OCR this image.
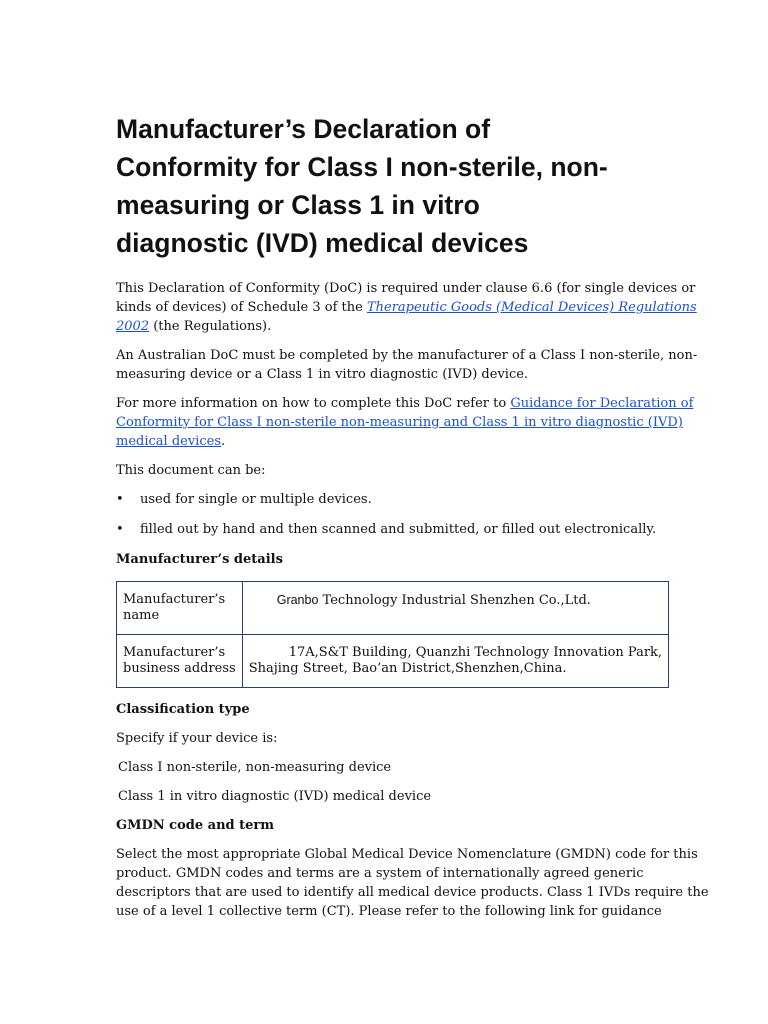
Manufacturer’s Declaration of
Conformity for Class I non-sterile, non-
measuring or Class 1 in vitro
diagnostic (IVD) medical devices

This Declaration of Conformity (DoC) is required under clause 6.6 (for single devices or
kinds of devices) of Schedule 3 of the Therapeutic Goods (Medical Devices) Regulations
2002 (the Regulations).

An Australian DoC must be completed by the manufacturer of a Class I non-sterile, non-
measuring device or a Class 1 in vitro diagnostic (IVD) device.

For more information on how to complete this DoC refer to Guidance for Declaration of
Conformity for Class I non-sterile non-measuring and Class 1 in vitro diagnostic (IVD)
medical devices.

This document can be:

• used for single or multiple devices.
• filled out by hand and then scanned and submitted, or filled out electronically.
Manufacturer’s details
Manufacturer’s
name	Granbo Technology Industrial Shenzhen Co.,Ltd.

Manufacturer’s
business address	17A,S&T Building, Quanzhi Technology Innovation Park,
Shajing Street, Bao’an District,Shenzhen,China.
Classification type

Specify if your device is:

Class I non-sterile, non-measuring device

Class 1 in vitro diagnostic (IVD) medical device

GMDN code and term

Select the most appropriate Global Medical Device Nomenclature (GMDN) code for this
product. GMDN codes and terms are a system of internationally agreed generic
descriptors that are used to identify all medical device products. Class 1 IVDs require the
use of a level 1 collective term (CT). Please refer to the following link for guidance
